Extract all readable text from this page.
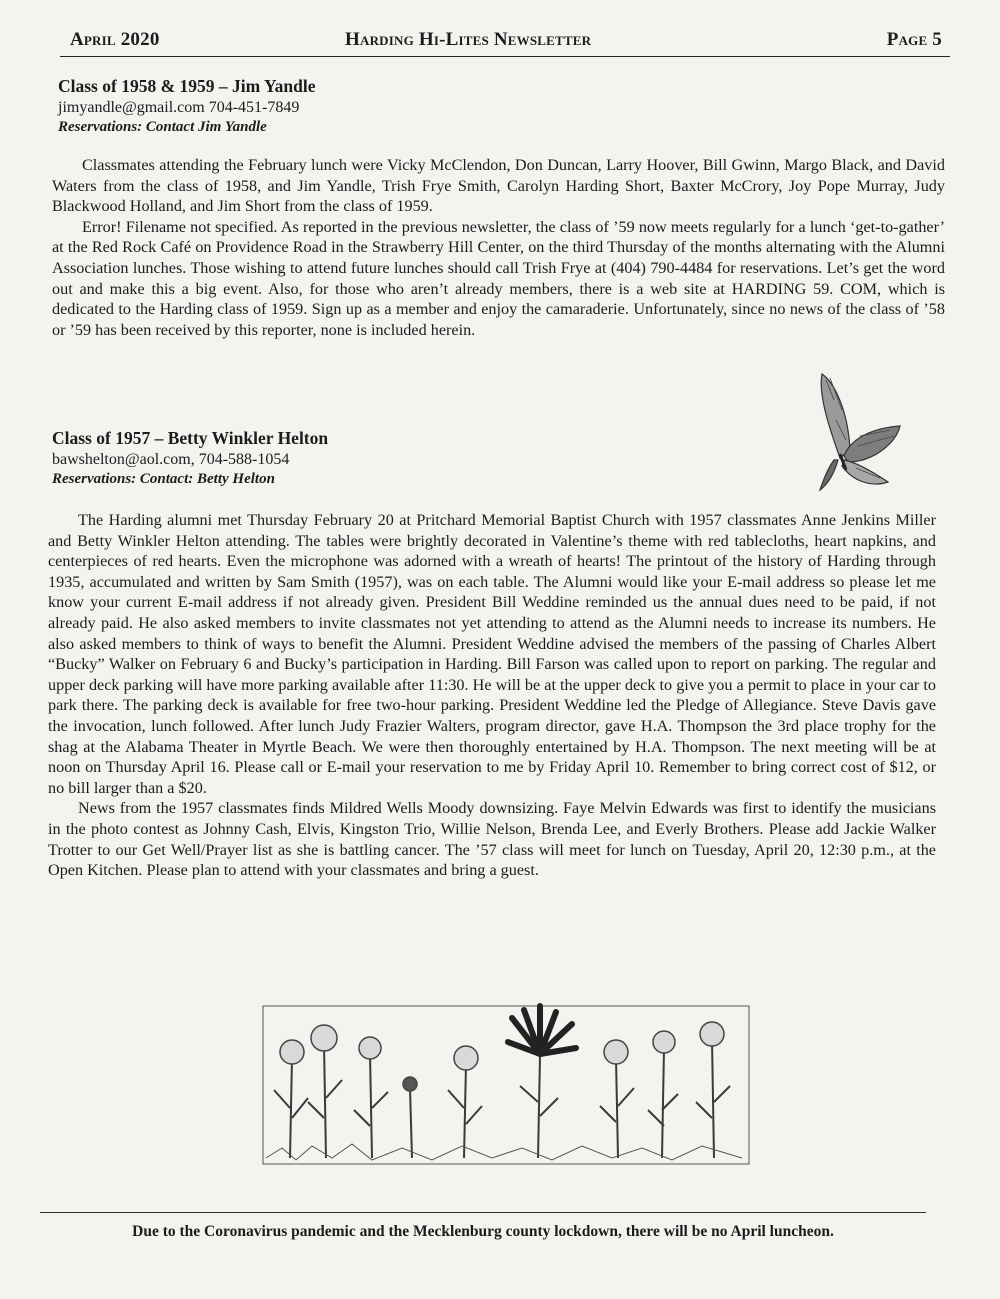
April 2020	Harding Hi-Lites Newsletter	Page 5
Class of 1958 & 1959 – Jim Yandle
jimyandle@gmail.com 704-451-7849
Reservations: Contact Jim Yandle

Classmates attending the February lunch were Vicky McClendon, Don Duncan, Larry Hoover, Bill Gwinn, Margo Black, and David Waters from the class of 1958, and Jim Yandle, Trish Frye Smith, Carolyn Harding Short, Baxter McCrory, Joy Pope Murray, Judy Blackwood Holland, and Jim Short from the class of 1959.

Error! Filename not specified. As reported in the previous newsletter, the class of ’59 now meets regularly for a lunch ‘get-to-gather’ at the Red Rock Café on Providence Road in the Strawberry Hill Center, on the third Thursday of the months alternating with the Alumni Association lunches. Those wishing to attend future lunches should call Trish Frye at (404) 790-4484 for reservations. Let’s get the word out and make this a big event. Also, for those who aren’t already members, there is a web site at HARDING 59. COM, which is dedicated to the Harding class of 1959. Sign up as a member and enjoy the camaraderie. Unfortunately, since no news of the class of ’58 or ’59 has been received by this reporter, none is included herein.

Class of 1957 – Betty Winkler Helton
bawshelton@aol.com, 704-588-1054
Reservations: Contact: Betty Helton

The Harding alumni met Thursday February 20 at Pritchard Memorial Baptist Church with 1957 classmates Anne Jenkins Miller and Betty Winkler Helton attending. The tables were brightly decorated in Valentine’s theme with red tablecloths, heart napkins, and centerpieces of red hearts. Even the microphone was adorned with a wreath of hearts! The printout of the history of Harding through 1935, accumulated and written by Sam Smith (1957), was on each table. The Alumni would like your E-mail address so please let me know your current E-mail address if not already given. President Bill Weddine reminded us the annual dues need to be paid, if not already paid. He also asked members to invite classmates not yet attending to attend as the Alumni needs to increase its numbers. He also asked members to think of ways to benefit the Alumni. President Weddine advised the members of the passing of Charles Albert “Bucky” Walker on February 6 and Bucky’s participation in Harding. Bill Farson was called upon to report on parking. The regular and upper deck parking will have more parking available after 11:30. He will be at the upper deck to give you a permit to place in your car to park there. The parking deck is available for free two-hour parking. President Weddine led the Pledge of Allegiance. Steve Davis gave the invocation, lunch followed. After lunch Judy Frazier Walters, program director, gave H.A. Thompson the 3rd place trophy for the shag at the Alabama Theater in Myrtle Beach. We were then thoroughly entertained by H.A. Thompson. The next meeting will be at noon on Thursday April 16. Please call or E-mail your reservation to me by Friday April 10. Remember to bring correct cost of $12, or no bill larger than a $20.

News from the 1957 classmates finds Mildred Wells Moody downsizing. Faye Melvin Edwards was first to identify the musicians in the photo contest as Johnny Cash, Elvis, Kingston Trio, Willie Nelson, Brenda Lee, and Everly Brothers. Please add Jackie Walker Trotter to our Get Well/Prayer list as she is battling cancer. The ’57 class will meet for lunch on Tuesday, April 20, 12:30 p.m., at the Open Kitchen. Please plan to attend with your classmates and bring a guest.

Due to the Coronavirus pandemic and the Mecklenburg county lockdown, there will be no April luncheon.
